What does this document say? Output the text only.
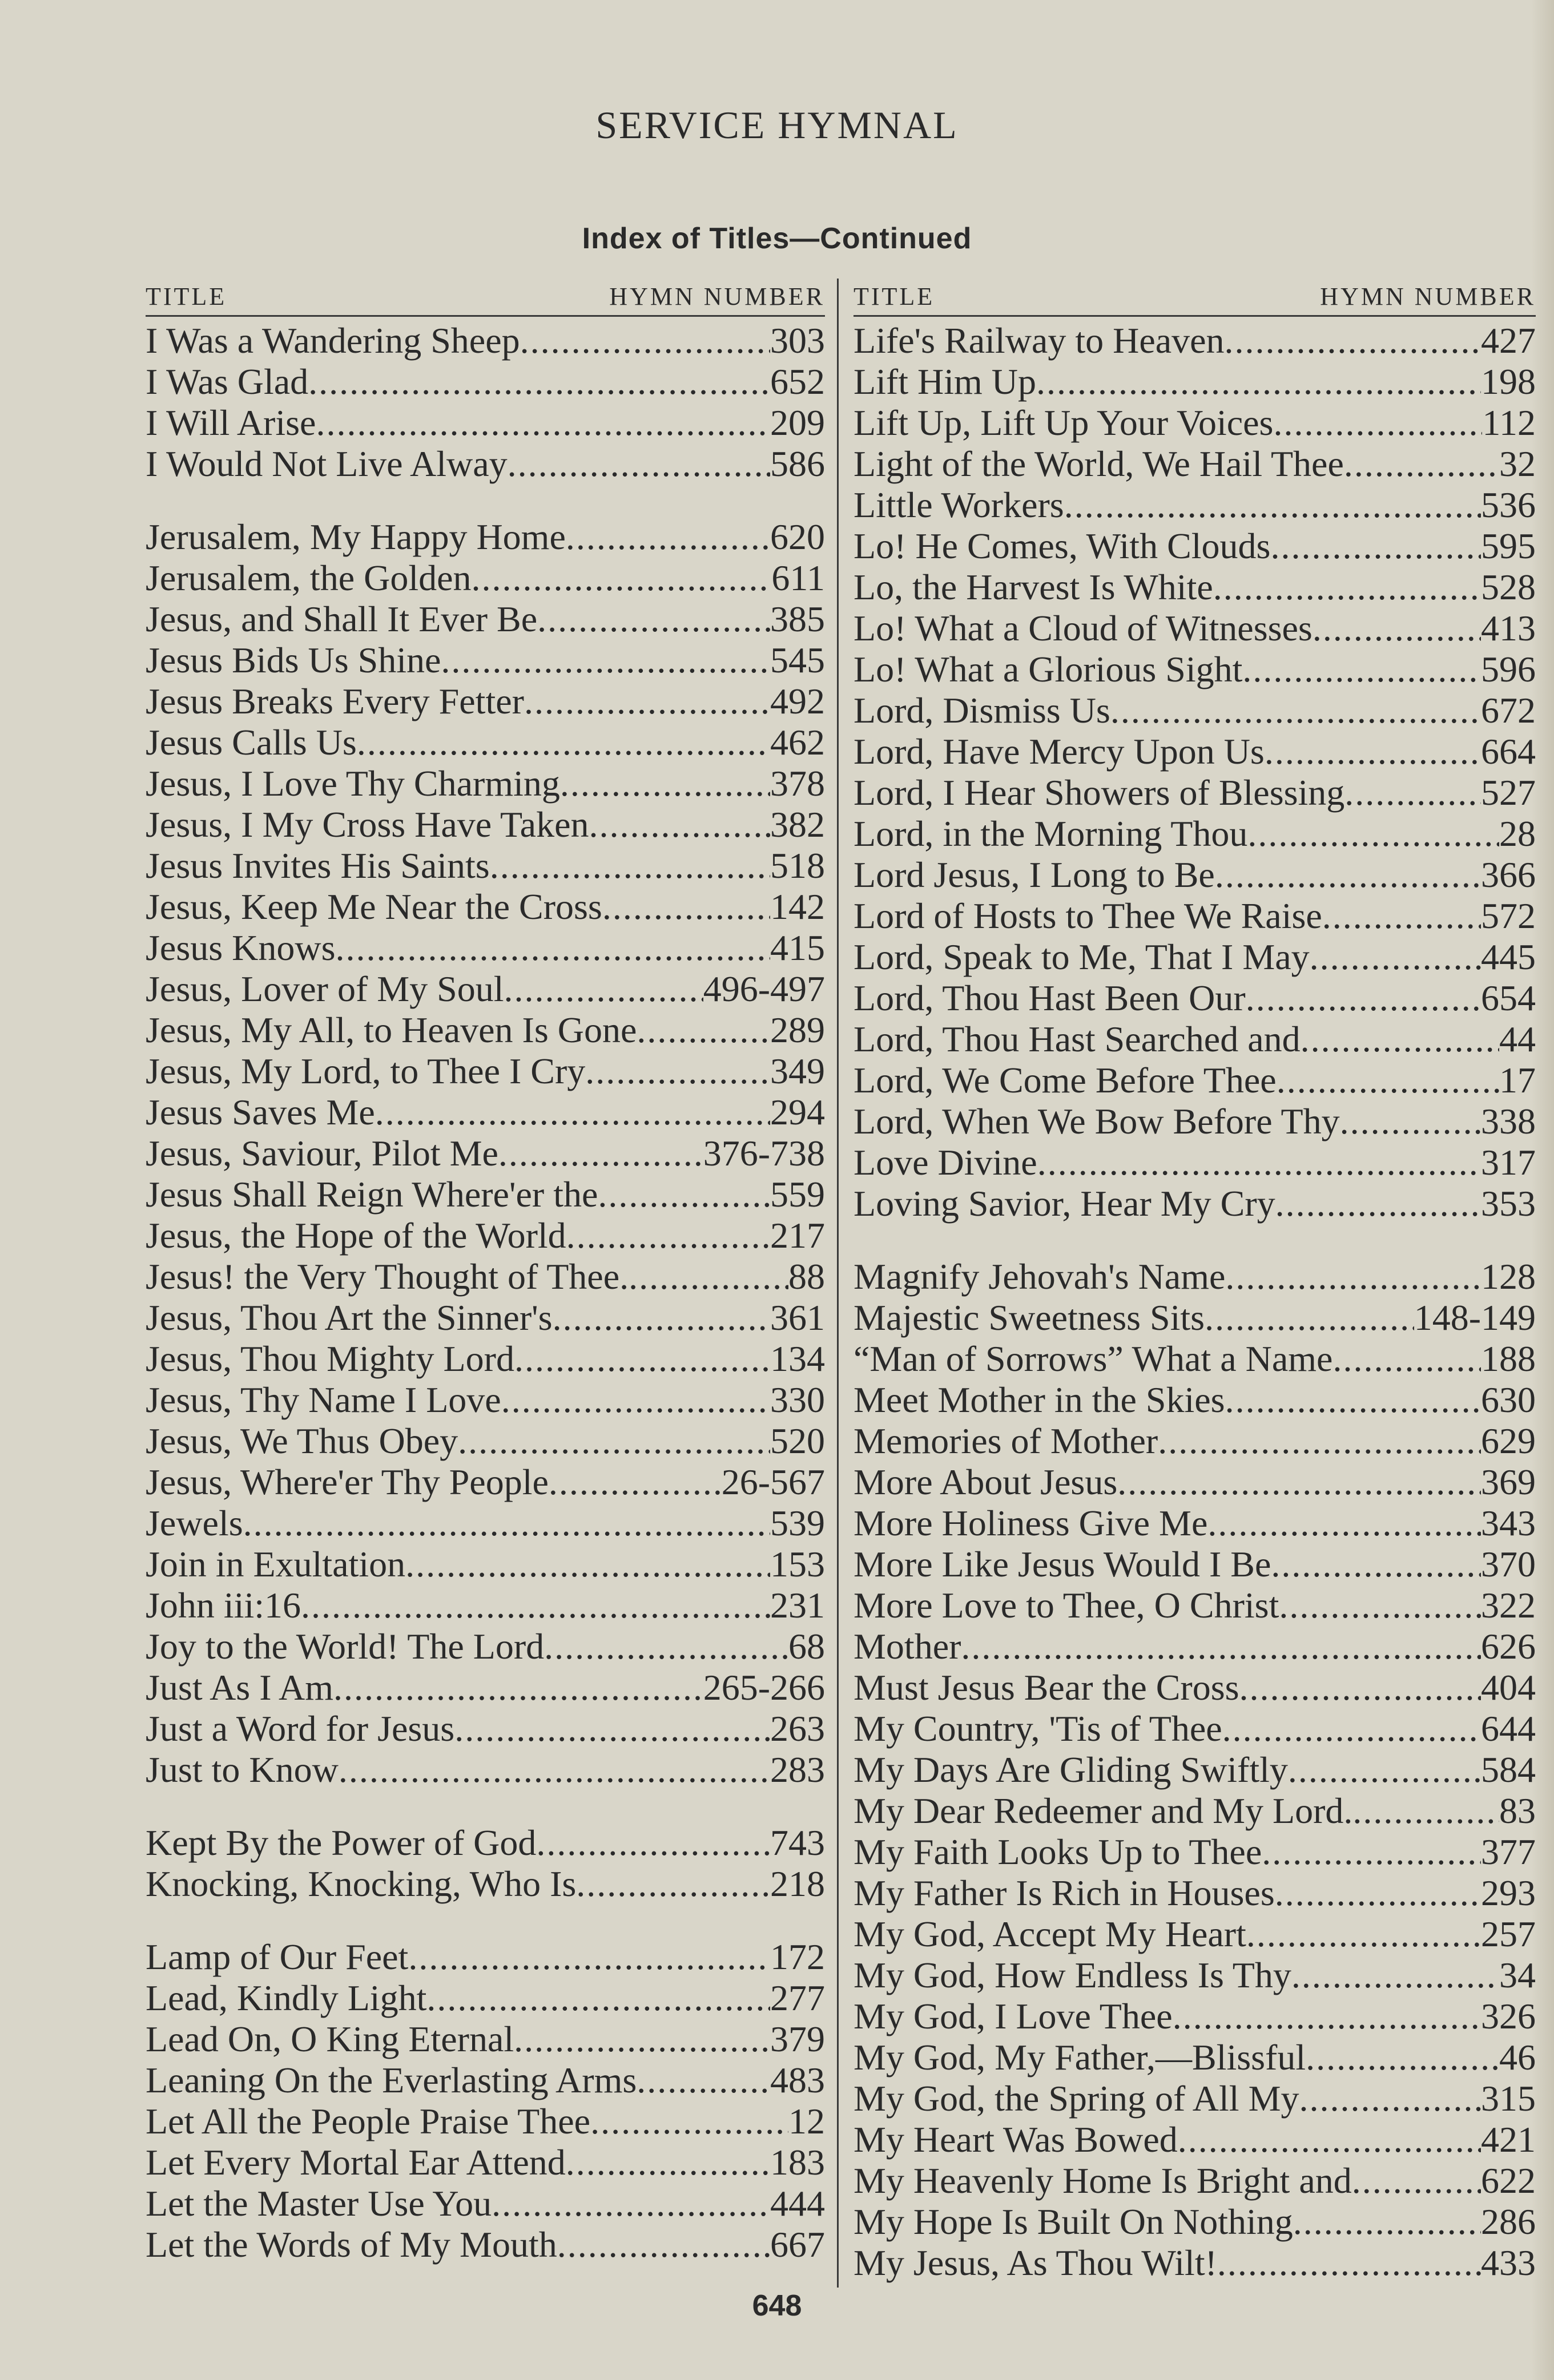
SERVICE HYMNAL
Index of Titles—Continued
TITLE	HYMN NUMBER
I Was a Wandering Sheep .....	303
I Was Glad .....	652
I Will Arise .....	209
I Would Not Live Alway .....	586
Jerusalem, My Happy Home .....	620
Jerusalem, the Golden .....	611
Jesus, and Shall It Ever Be .....	385
Jesus Bids Us Shine .....	545
Jesus Breaks Every Fetter .....	492
Jesus Calls Us .....	462
Jesus, I Love Thy Charming .....	378
Jesus, I My Cross Have Taken .....	382
Jesus Invites His Saints .....	518
Jesus, Keep Me Near the Cross .....	142
Jesus Knows .....	415
Jesus, Lover of My Soul .....	496-497
Jesus, My All, to Heaven Is Gone .....	289
Jesus, My Lord, to Thee I Cry .....	349
Jesus Saves Me .....	294
Jesus, Saviour, Pilot Me .....	376-738
Jesus Shall Reign Where'er the .....	559
Jesus, the Hope of the World .....	217
Jesus! the Very Thought of Thee. .....	88
Jesus, Thou Art the Sinner's .....	361
Jesus, Thou Mighty Lord .....	134
Jesus, Thy Name I Love .....	330
Jesus, We Thus Obey .....	520
Jesus, Where'er Thy People .....	26-567
Jewels .....	539
Join in Exultation .....	153
John iii:16 .....	231
Joy to the World! The Lord .....	68
Just As I Am .....	265-266
Just a Word for Jesus .....	263
Just to Know .....	283
Kept By the Power of God .....	743
Knocking, Knocking, Who Is .....	218
Lamp of Our Feet .....	172
Lead, Kindly Light .....	277
Lead On, O King Eternal .....	379
Leaning On the Everlasting Arms .....	483
Let All the People Praise Thee .....	12
Let Every Mortal Ear Attend .....	183
Let the Master Use You .....	444
Let the Words of My Mouth .....	667
TITLE	HYMN NUMBER
Life's Railway to Heaven .....	427
Lift Him Up .....	198
Lift Up, Lift Up Your Voices .....	112
Light of the World, We Hail Thee .....	32
Little Workers .....	536
Lo! He Comes, With Clouds .....	595
Lo, the Harvest Is White .....	528
Lo! What a Cloud of Witnesses .....	413
Lo! What a Glorious Sight .....	596
Lord, Dismiss Us .....	672
Lord, Have Mercy Upon Us .....	664
Lord, I Hear Showers of Blessing .....	527
Lord, in the Morning Thou .....	28
Lord Jesus, I Long to Be .....	366
Lord of Hosts to Thee We Raise .....	572
Lord, Speak to Me, That I May .....	445
Lord, Thou Hast Been Our .....	654
Lord, Thou Hast Searched and .....	44
Lord, We Come Before Thee .....	17
Lord, When We Bow Before Thy .....	338
Love Divine .....	317
Loving Savior, Hear My Cry .....	353
Magnify Jehovah's Name .....	128
Majestic Sweetness Sits .....	148-149
“Man of Sorrows” What a Name .....	188
Meet Mother in the Skies .....	630
Memories of Mother .....	629
More About Jesus .....	369
More Holiness Give Me .....	343
More Like Jesus Would I Be .....	370
More Love to Thee, O Christ .....	322
Mother .....	626
Must Jesus Bear the Cross .....	404
My Country, 'Tis of Thee .....	644
My Days Are Gliding Swiftly .....	584
My Dear Redeemer and My Lord. .....	83
My Faith Looks Up to Thee .....	377
My Father Is Rich in Houses .....	293
My God, Accept My Heart .....	257
My God, How Endless Is Thy .....	34
My God, I Love Thee .....	326
My God, My Father,—Blissful .....	46
My God, the Spring of All My .....	315
My Heart Was Bowed .....	421
My Heavenly Home Is Bright and .....	622
My Hope Is Built On Nothing .....	286
My Jesus, As Thou Wilt! .....	433
648
